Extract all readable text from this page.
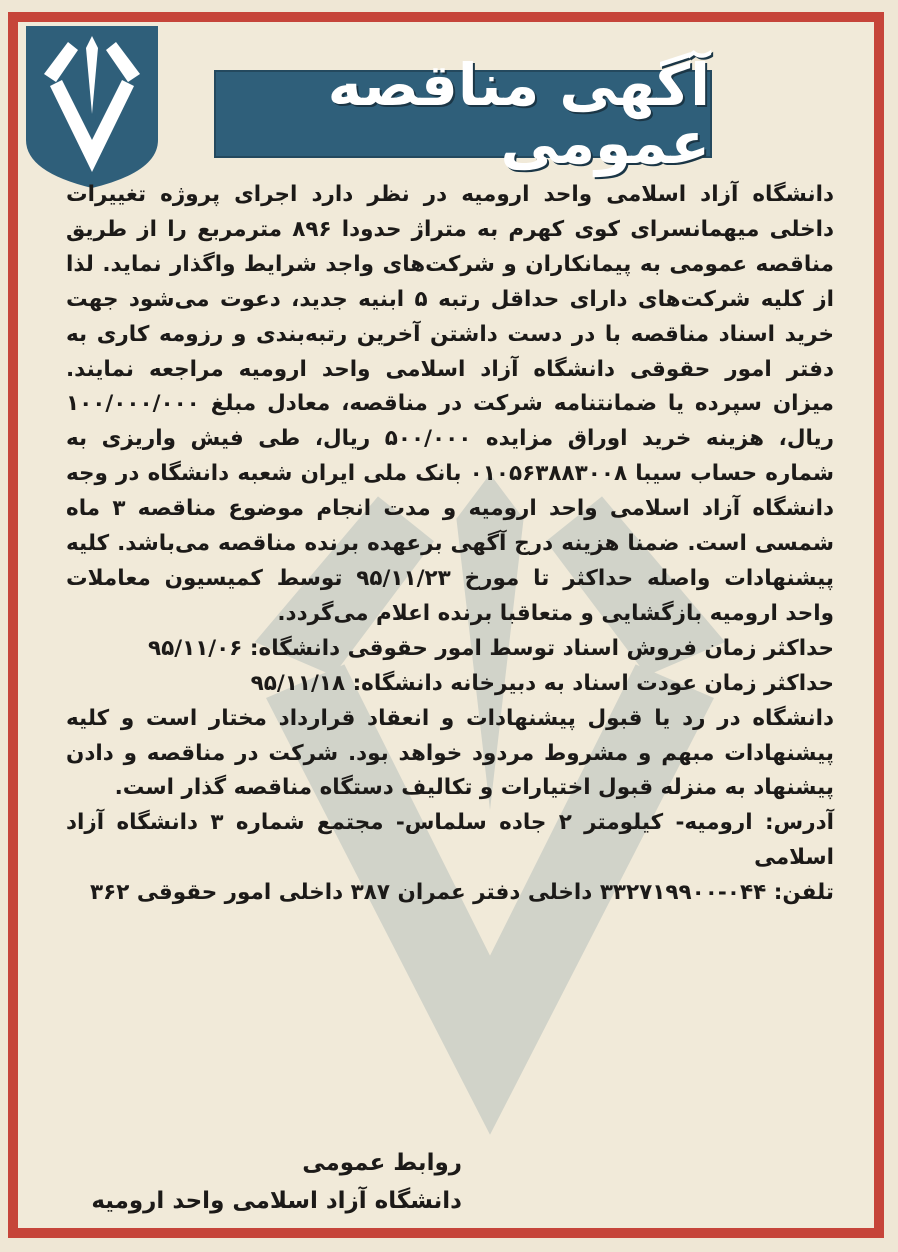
آگهی مناقصه عمومی

دانشگاه آزاد اسلامی واحد ارومیه در نظر دارد اجرای پروژه تغییرات داخلی میهمانسرای کوی کهرم به متراژ حدودا ۸۹۶ مترمربع را از طریق مناقصه عمومی به پیمانکاران و شرکت‌های واجد شرایط واگذار نماید. لذا از کلیه شرکت‌های دارای حداقل رتبه ۵ ابنیه جدید، دعوت می‌شود جهت خرید اسناد مناقصه با در دست داشتن آخرین رتبه‌بندی و رزومه کاری به دفتر امور حقوقی دانشگاه آزاد اسلامی واحد ارومیه مراجعه نمایند. میزان سپرده یا ضمانتنامه شرکت در مناقصه، معادل مبلغ ۱۰۰/۰۰۰/۰۰۰ ریال، هزینه خرید اوراق مزایده ۵۰۰/۰۰۰ ریال، طی فیش واریزی به شماره حساب سیبا ۰۱۰۵۶۳۸۸۳۰۰۸ بانک ملی ایران شعبه دانشگاه در وجه دانشگاه آزاد اسلامی واحد ارومیه و مدت انجام موضوع مناقصه ۳ ماه شمسی است. ضمنا هزینه درج آگهی برعهده برنده مناقصه می‌باشد. کلیه پیشنهادات واصله حداکثر تا مورخ ۹۵/۱۱/۲۳ توسط کمیسیون معاملات واحد ارومیه بازگشایی و متعاقبا برنده اعلام می‌گردد.

حداکثر زمان فروش اسناد توسط امور حقوقی دانشگاه: ۹۵/۱۱/۰۶

حداکثر زمان عودت اسناد به دبیرخانه دانشگاه: ۹۵/۱۱/۱۸

دانشگاه در رد یا قبول پیشنهادات و انعقاد قرارداد مختار است و کلیه پیشنهادات مبهم و مشروط مردود خواهد بود. شرکت در مناقصه و دادن پیشنهاد به منزله قبول اختیارات و تکالیف دستگاه مناقصه گذار است.

آدرس: ارومیه- کیلومتر ۲ جاده سلماس- مجتمع شماره ۳ دانشگاه آزاد اسلامی

تلفن: ۰۴۴-۳۳۲۷۱۹۹۰۰ داخلی دفتر عمران ۳۸۷ داخلی امور حقوقی ۳۶۲

روابط عمومی
دانشگاه آزاد اسلامی واحد ارومیه
